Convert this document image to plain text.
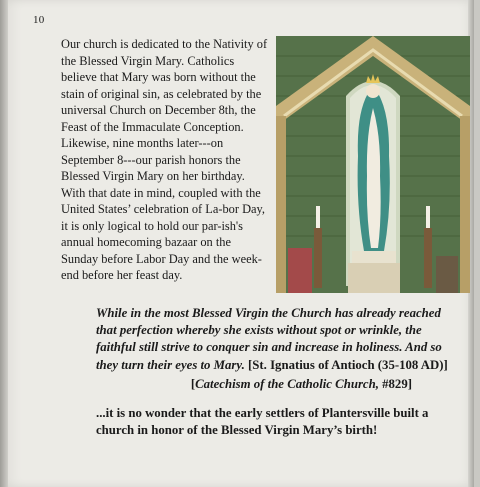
10

Our church is dedicated to the Nativity of the Blessed Virgin Mary. Catholics believe that Mary was born without the stain of original sin, as celebrated by the universal Church on December 8th, the Feast of the Immaculate Conception. Likewise, nine months later---on September 8---our parish honors the Blessed Virgin Mary on her birthday. With that date in mind, coupled with the United States’ celebration of La-bor Day, it is only logical to hold our par-ish's annual homecoming bazaar on the Sunday before Labor Day and the week-end before her feast day.

While in the most Blessed Virgin the Church has already reached that perfection whereby she exists without spot or wrinkle, the faithful still strive to conquer sin and increase in holiness. And so they turn their eyes to Mary. [St. Ignatius of Antioch (35-108 AD)]

[Catechism of the Catholic Church, #829]

...it is no wonder that the early settlers of Plantersville built a church in honor of the Blessed Virgin Mary’s birth!
